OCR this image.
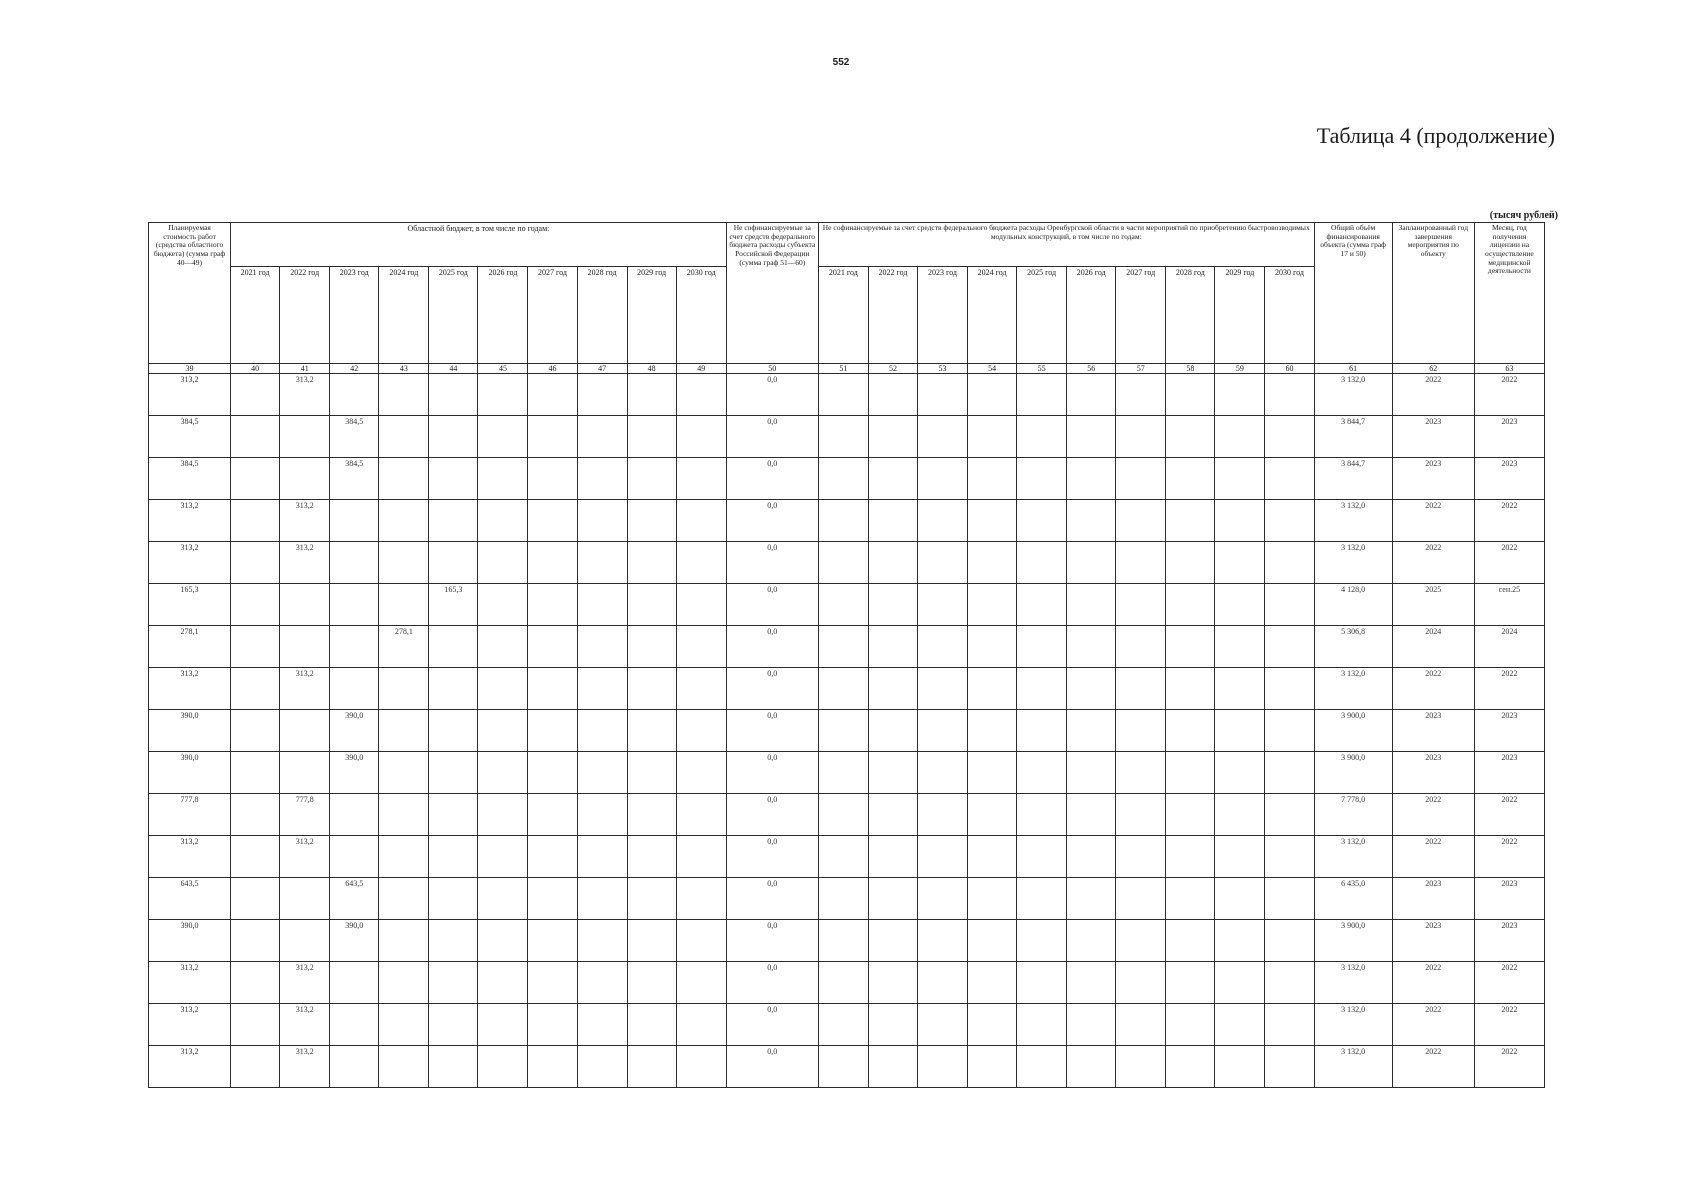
552
Таблица 4 (продолжение)
(тысяч рублей)
Планируемая стоимость работ (средства областного бюджета) (сумма граф 40—49)	Областной бюджет, в том числе по годам:										Не софинансируемые за счет средств федерального бюджета расходы субъекта Российской Федерации (сумма граф 51—60)	Не софинансируемые за счет средств федерального бюджета расходы Оренбургской области в части мероприятий по приобретению быстровозводимых модульных конструкций, в том числе по годам:										Общий объём финансирования объекта (сумма граф 17 и 50)	Запланированный год завершения мероприятия по объекту	Месяц, год получения лицензии на осуществление медицинской деятельности
	2021 год	2022 год	2023 год	2024 год	2025 год	2026 год	2027 год	2028 год	2029 год	2030 год		2021 год	2022 год	2023 год	2024 год	2025 год	2026 год	2027 год	2028 год	2029 год	2030 год			
39	40	41	42	43	44	45	46	47	48	49	50	51	52	53	54	55	56	57	58	59	60	61	62	63
313,2		313,2									0,0											3 132,0	2022	2022
384,5			384,5								0,0											3 844,7	2023	2023
384,5			384,5								0,0											3 844,7	2023	2023
313,2		313,2									0,0											3 132,0	2022	2022
313,2		313,2									0,0											3 132,0	2022	2022
165,3					165,3						0,0											4 128,0	2025	сен.25
278,1				278,1							0,0											5 306,8	2024	2024
313,2		313,2									0,0											3 132,0	2022	2022
390,0			390,0								0,0											3 900,0	2023	2023
390,0			390,0								0,0											3 900,0	2023	2023
777,8		777,8									0,0											7 778,0	2022	2022
313,2		313,2									0,0											3 132,0	2022	2022
643,5			643,5								0,0											6 435,0	2023	2023
390,0			390,0								0,0											3 900,0	2023	2023
313,2		313,2									0,0											3 132,0	2022	2022
313,2		313,2									0,0											3 132,0	2022	2022
313,2		313,2									0,0											3 132,0	2022	2022
